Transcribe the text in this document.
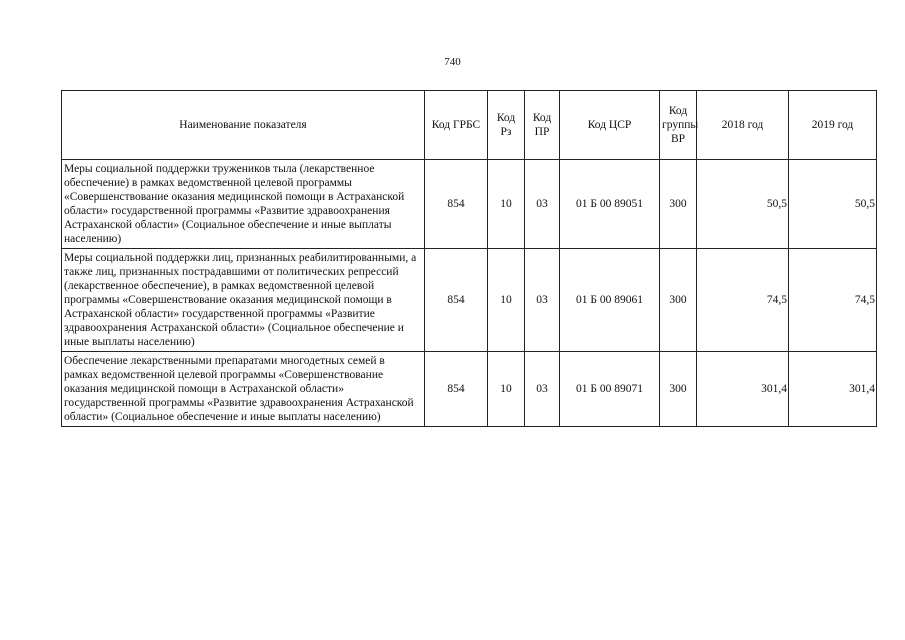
740
Наименование показателя	Код ГРБС	Код Рз	Код ПР	Код ЦСР	Код группы ВР	2018 год	2019 год
Меры социальной поддержки тружеников тыла (лекарственное обеспечение) в рамках ведомственной целевой программы «Совершенствование оказания медицинской помощи в Астраханской области» государственной программы «Развитие здравоохранения Астраханской области» (Социальное обеспечение и иные выплаты населению)	854	10	03	01 Б 00 89051	300	50,5	50,5
Меры социальной поддержки лиц, признанных реабилитированными, а также лиц, признанных пострадавшими от политических репрессий (лекарственное обеспечение), в рамках ведомственной целевой программы «Совершенствование оказания медицинской помощи в Астраханской области» государственной программы «Развитие здравоохранения Астраханской области» (Социальное обеспечение и иные выплаты населению)	854	10	03	01 Б 00 89061	300	74,5	74,5
Обеспечение лекарственными препаратами многодетных семей в рамках ведомственной целевой программы «Совершенствование оказания медицинской помощи в Астраханской области» государственной программы «Развитие здравоохранения Астраханской области» (Социальное обеспечение и иные выплаты населению)	854	10	03	01 Б 00 89071	300	301,4	301,4
